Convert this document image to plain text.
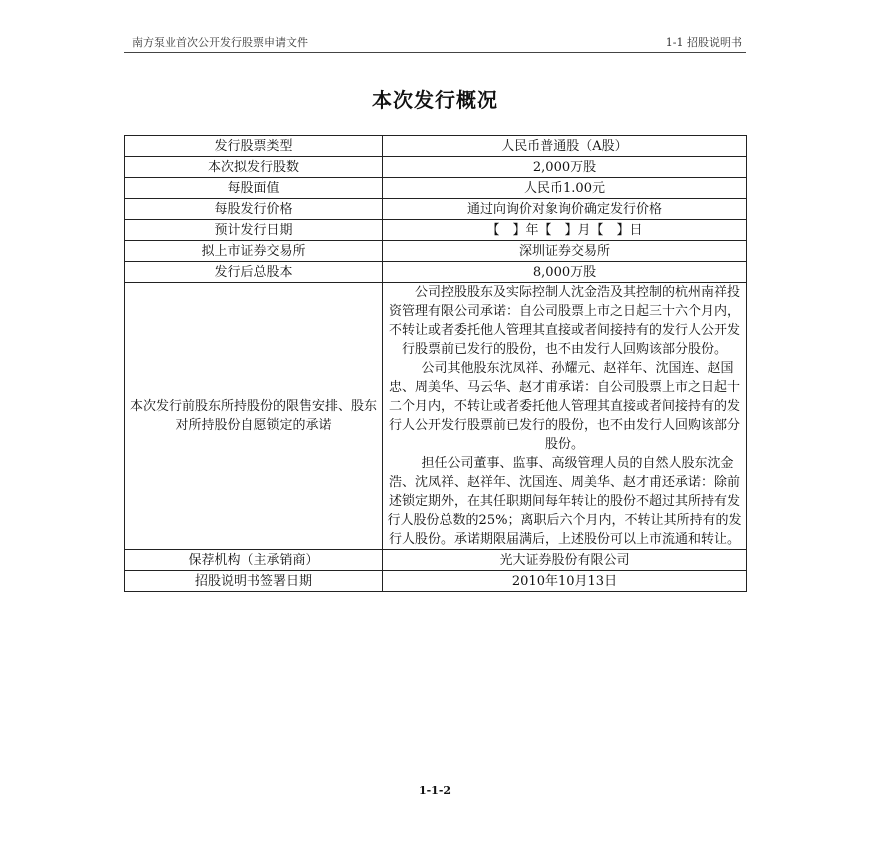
南方泵业首次公开发行股票申请文件	1-1 招股说明书
本次发行概况
发行股票类型	人民币普通股（A股）
本次拟发行股数	2,000万股
每股面值	人民币1.00元
每股发行价格	通过向询价对象询价确定发行价格
预计发行日期	【　】年【　】月【　】日
拟上市证券交易所	深圳证券交易所
发行后总股本	8,000万股
本次发行前股东所持股份的限售安排、股东对所持股份自愿锁定的承诺	公司控股股东及实际控制人沈金浩及其控制的杭州南祥投资管理有限公司承诺：自公司股票上市之日起三十六个月内，不转让或者委托他人管理其直接或者间接持有的发行人公开发行股票前已发行的股份，也不由发行人回购该部分股份。

公司其他股东沈凤祥、孙耀元、赵祥年、沈国连、赵国忠、周美华、马云华、赵才甫承诺：自公司股票上市之日起十二个月内，不转让或者委托他人管理其直接或者间接持有的发行人公开发行股票前已发行的股份，也不由发行人回购该部分股份。

担任公司董事、监事、高级管理人员的自然人股东沈金浩、沈凤祥、赵祥年、沈国连、周美华、赵才甫还承诺：除前述锁定期外，在其任职期间每年转让的股份不超过其所持有发行人股份总数的25%；离职后六个月内，不转让其所持有的发行人股份。承诺期限届满后，上述股份可以上市流通和转让。

保荐机构（主承销商）	光大证券股份有限公司
招股说明书签署日期	2010年10月13日
1-1-2
